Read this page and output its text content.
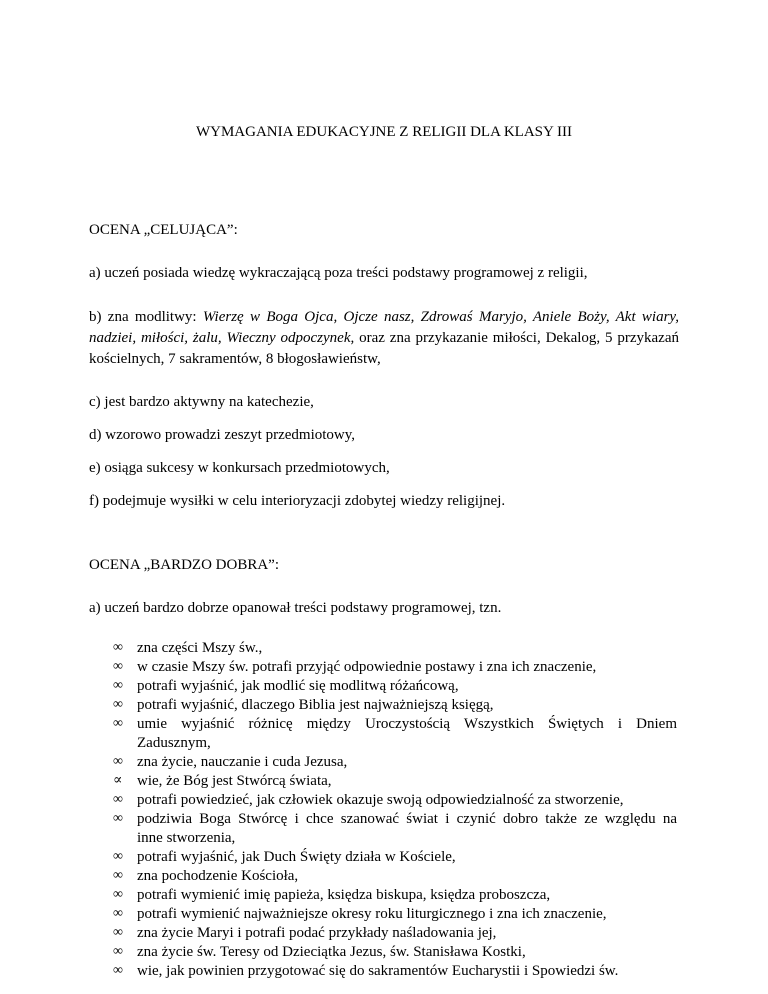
WYMAGANIA EDUKACYJNE Z RELIGII DLA KLASY III
OCENA „CELUJĄCA”:
a) uczeń posiada wiedzę wykraczającą poza treści podstawy programowej z religii,
b) zna modlitwy: Wierzę w Boga Ojca, Ojcze nasz, Zdrowaś Maryjo, Aniele Boży, Akt wiary, nadziei, miłości, żalu, Wieczny odpoczynek, oraz zna przykazanie miłości, Dekalog, 5 przykazań kościelnych, 7 sakramentów, 8 błogosławieństw,
c) jest bardzo aktywny na katechezie,
d) wzorowo prowadzi zeszyt przedmiotowy,
e) osiąga sukcesy w konkursach przedmiotowych,
f) podejmuje wysiłki w celu interioryzacji zdobytej wiedzy religijnej.
OCENA „BARDZO DOBRA”:
a) uczeń bardzo dobrze opanował treści podstawy programowej, tzn.
∞ zna części Mszy św.,
∞ w czasie Mszy św. potrafi przyjąć odpowiednie postawy i zna ich znaczenie,
∞ potrafi wyjaśnić, jak modlić się modlitwą różańcową,
∞ potrafi wyjaśnić, dlaczego Biblia jest najważniejszą księgą,
∞ umie wyjaśnić różnicę między Uroczystością Wszystkich Świętych i Dniem
Zadusznym,
∞ zna życie, nauczanie i cuda Jezusa,
∝ wie, że Bóg jest Stwórcą świata,
∞ potrafi powiedzieć, jak człowiek okazuje swoją odpowiedzialność za stworzenie,
∞ podziwia Boga Stwórcę i chce szanować świat i czynić dobro także ze względu na
inne stworzenia,
∞ potrafi wyjaśnić, jak Duch Święty działa w Kościele,
∞ zna pochodzenie Kościoła,
∞ potrafi wymienić imię papieża, księdza biskupa, księdza proboszcza,
∞ potrafi wymienić najważniejsze okresy roku liturgicznego i zna ich znaczenie,
∞ zna życie Maryi i potrafi podać przykłady naśladowania jej,
∞ zna życie św. Teresy od Dzieciątka Jezus, św. Stanisława Kostki,
∞ wie, jak powinien przygotować się do sakramentów Eucharystii i Spowiedzi św.
